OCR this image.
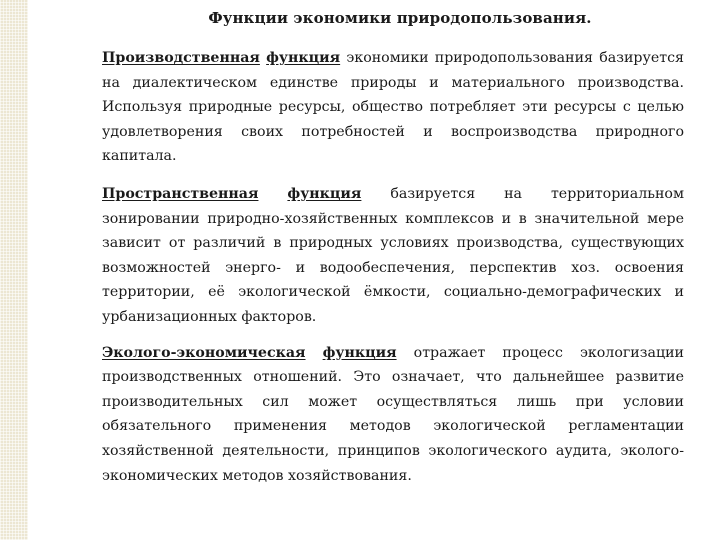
Функции экономики природопользования.

Производственная функция экономики природопользования базируется на диалектическом единстве природы и материального производства. Используя природные ресурсы, общество потребляет эти ресурсы с целью удовлетворения своих потребностей и воспроизводства природного капитала.

Пространственная функция базируется на территориальном зонировании природно-хозяйственных комплексов и в значительной мере зависит от различий в природных условиях производства, существующих возможностей энерго- и водообеспечения, перспектив хоз. освоения территории, её экологической ёмкости, социально-демографических и урбанизационных факторов.

Эколого-экономическая функция отражает процесс экологизации производственных отношений. Это означает, что дальнейшее развитие производительных сил может осуществляться лишь при условии обязательного применения методов экологической регламентации хозяйственной деятельности, принципов экологического аудита, эколого-экономических методов хозяйствования.
